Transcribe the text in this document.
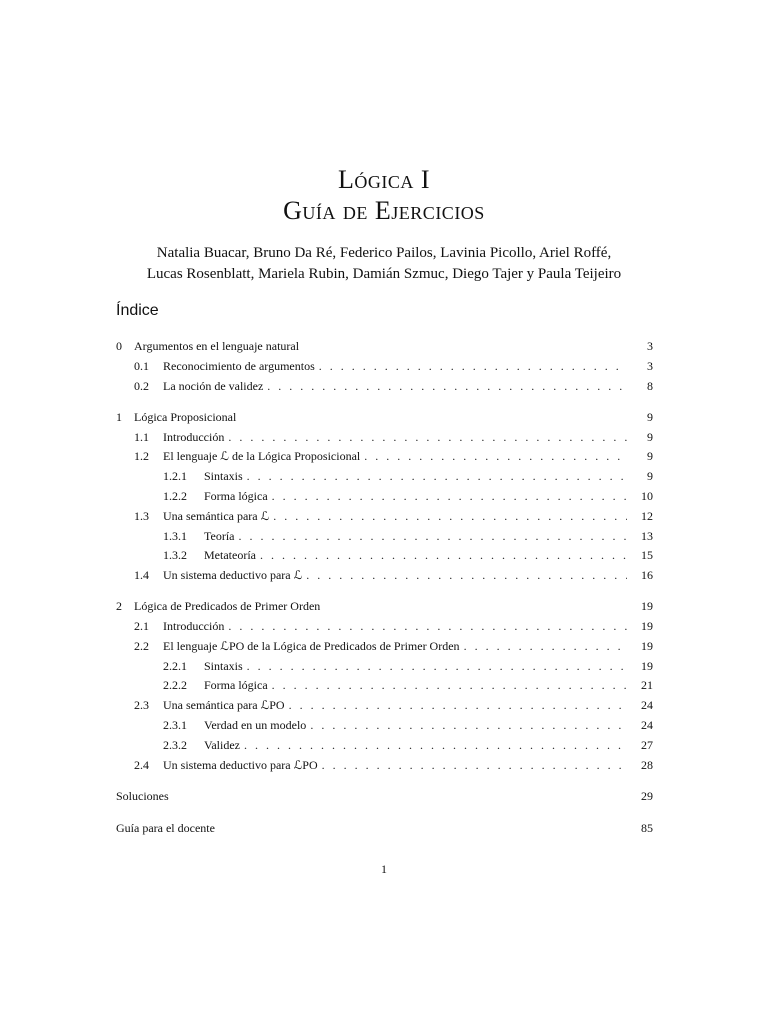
Lógica I
Guía de Ejercicios
Natalia Buacar, Bruno Da Ré, Federico Pailos, Lavinia Picollo, Ariel Roffé,
Lucas Rosenblatt, Mariela Rubin, Damián Szmuc, Diego Tajer y Paula Teijeiro
Índice
0	Argumentos en el lenguaje natural	3
0.1	Reconocimiento de argumentos . . .	3
0.2	La noción de validez . . .	8
1	Lógica Proposicional	9
1.1	Introducción . . .	9
1.2	El lenguaje ℒ de la Lógica Proposicional . . .	9
1.2.1	Sintaxis . . .	9
1.2.2	Forma lógica . . .	10
1.3	Una semántica para ℒ . . .	12
1.3.1	Teoría . . .	13
1.3.2	Metateoría . . .	15
1.4	Un sistema deductivo para ℒ . . .	16
2	Lógica de Predicados de Primer Orden	19
2.1	Introducción . . .	19
2.2	El lenguaje ℒPO de la Lógica de Predicados de Primer Orden . . .	19
2.2.1	Sintaxis . . .	19
2.2.2	Forma lógica . . .	21
2.3	Una semántica para ℒPO . . .	24
2.3.1	Verdad en un modelo . . .	24
2.3.2	Validez . . .	27
2.4	Un sistema deductivo para ℒPO . . .	28
Soluciones	29
Guía para el docente	85
1
